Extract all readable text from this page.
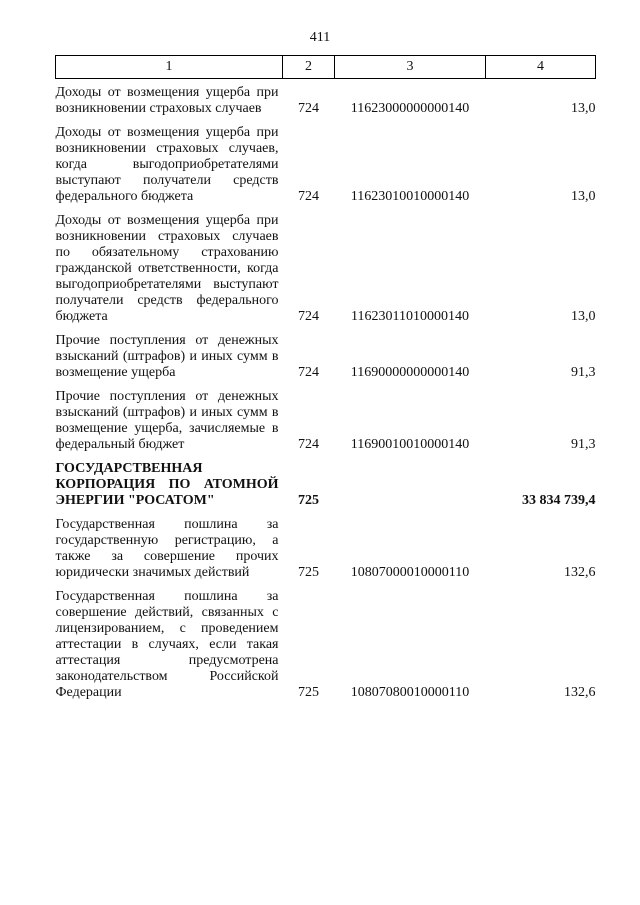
411
1	2	3	4
Доходы от возмещения ущерба при возникновении страховых случаев	724	11623000000000140	13,0
Доходы от возмещения ущерба при возникновении страховых случаев, когда выгодоприобретателями выступают получатели средств федерального бюджета	724	11623010010000140	13,0
Доходы от возмещения ущерба при возникновении страховых случаев по обязательному страхованию гражданской ответственности, когда выгодоприобретателями выступают получатели средств федерального бюджета	724	11623011010000140	13,0
Прочие поступления от денежных взысканий (штрафов) и иных сумм в возмещение ущерба	724	11690000000000140	91,3
Прочие поступления от денежных взысканий (штрафов) и иных сумм в возмещение ущерба, зачисляемые в федеральный бюджет	724	11690010010000140	91,3
ГОСУДАРСТВЕННАЯ КОРПОРАЦИЯ ПО АТОМНОЙ ЭНЕРГИИ "РОСАТОМ"	725		33 834 739,4
Государственная пошлина за государственную регистрацию, а также за совершение прочих юридически значимых действий	725	10807000010000110	132,6
Государственная пошлина за совершение действий, связанных с лицензированием, с проведением аттестации в случаях, если такая аттестация предусмотрена законодательством Российской Федерации	725	10807080010000110	132,6
